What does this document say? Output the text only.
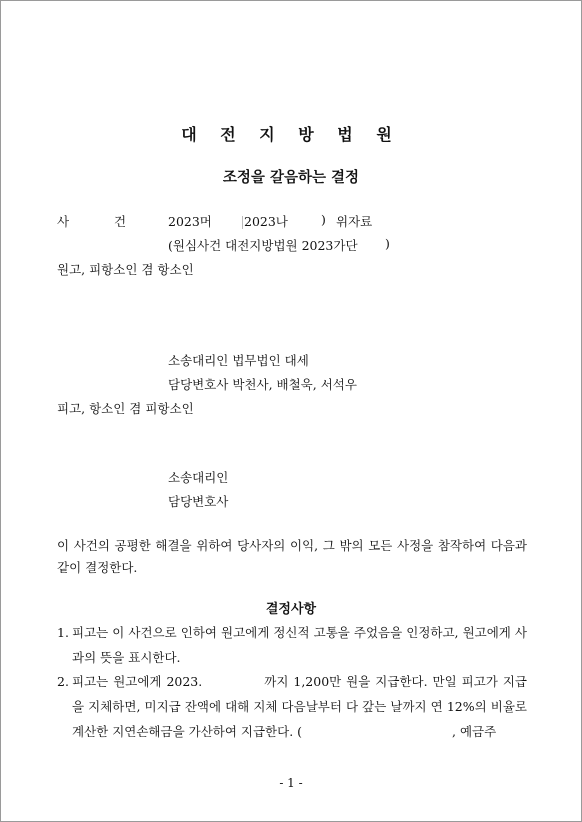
대 전 지 방 법 원
조정을 갈음하는 결정
사	건	2023머	2023나	) 위자료
(원심사건 대전지방법원 2023가단 )
원고, 피항소인 겸 항소인
소송대리인 법무법인 대세
담당변호사 박천사, 배철욱, 서석우
피고, 항소인 겸 피항소인
소송대리인
담당변호사
이 사건의 공평한 해결을 위하여 당사자의 이익, 그 밖의 모든 사정을 참작하여 다음과 같이 결정한다.
결정사항
1. 피고는 이 사건으로 인하여 원고에게 정신적 고통을 주었음을 인정하고, 원고에게 사과의 뜻을 표시한다.
2. 피고는 원고에게 2023.	까지 1,200만 원을 지급한다. 만일 피고가 지급을 지체하면, 미지급 잔액에 대해 지체 다음날부터 다 갚는 날까지 연 12%의 비율로 계산한 지연손해금을 가산하여 지급한다. (	, 예금주
- 1 -
